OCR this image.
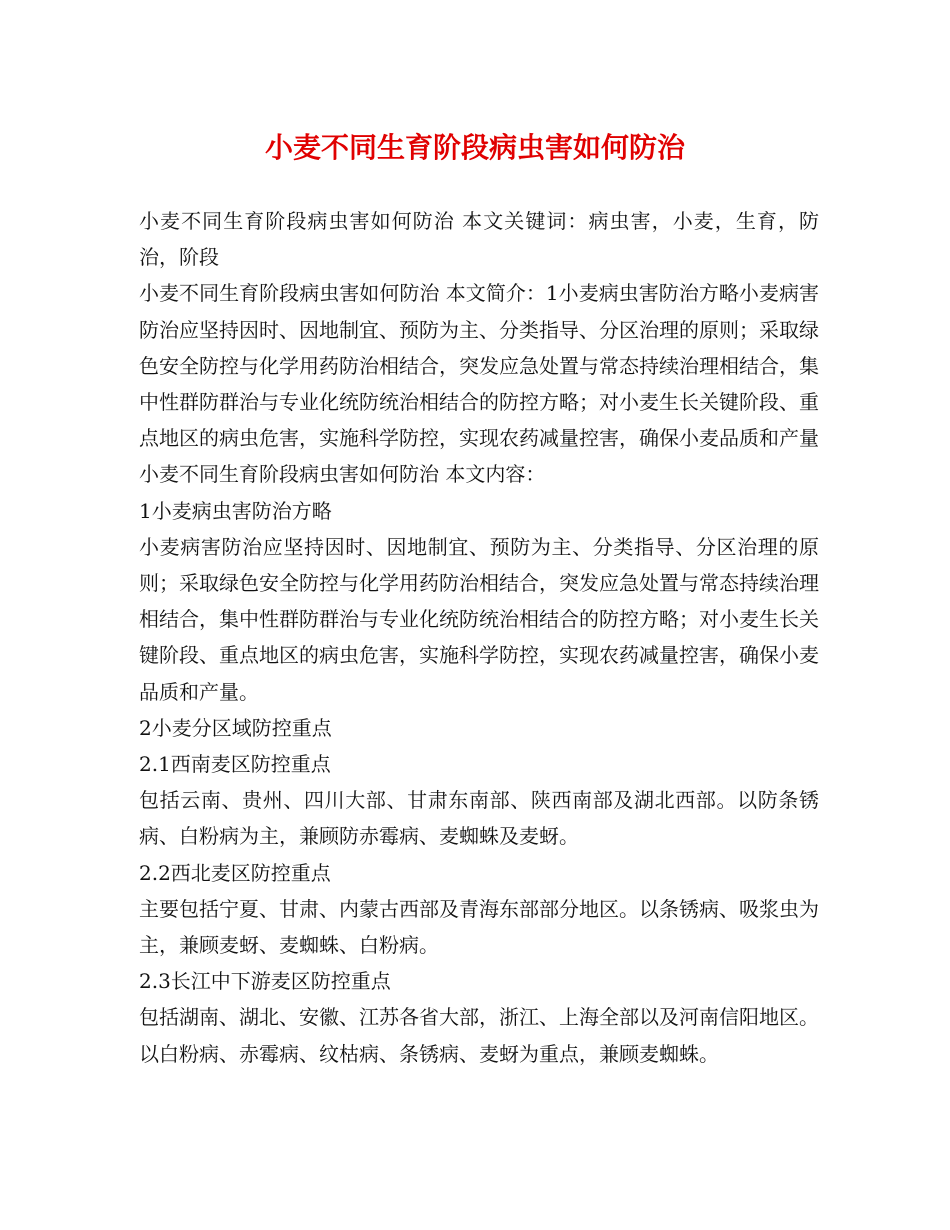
小麦不同生育阶段病虫害如何防治

小麦不同生育阶段病虫害如何防治 本文关键词：病虫害，小麦，生育，防治，阶段

小麦不同生育阶段病虫害如何防治 本文简介：1小麦病虫害防治方略小麦病害防治应坚持因时、因地制宜、预防为主、分类指导、分区治理的原则；采取绿色安全防控与化学用药防治相结合，突发应急处置与常态持续治理相结合，集中性群防群治与专业化统防统治相结合的防控方略；对小麦生长关键阶段、重点地区的病虫危害，实施科学防控，实现农药减量控害，确保小麦品质和产量

小麦不同生育阶段病虫害如何防治 本文内容：

1小麦病虫害防治方略

小麦病害防治应坚持因时、因地制宜、预防为主、分类指导、分区治理的原则；采取绿色安全防控与化学用药防治相结合，突发应急处置与常态持续治理相结合，集中性群防群治与专业化统防统治相结合的防控方略；对小麦生长关键阶段、重点地区的病虫危害，实施科学防控，实现农药减量控害，确保小麦品质和产量。

2小麦分区域防控重点

2.1西南麦区防控重点

包括云南、贵州、四川大部、甘肃东南部、陕西南部及湖北西部。以防条锈病、白粉病为主，兼顾防赤霉病、麦蜘蛛及麦蚜。

2.2西北麦区防控重点

主要包括宁夏、甘肃、内蒙古西部及青海东部部分地区。以条锈病、吸浆虫为主，兼顾麦蚜、麦蜘蛛、白粉病。

2.3长江中下游麦区防控重点

包括湖南、湖北、安徽、江苏各省大部，浙江、上海全部以及河南信阳地区。以白粉病、赤霉病、纹枯病、条锈病、麦蚜为重点，兼顾麦蜘蛛。
